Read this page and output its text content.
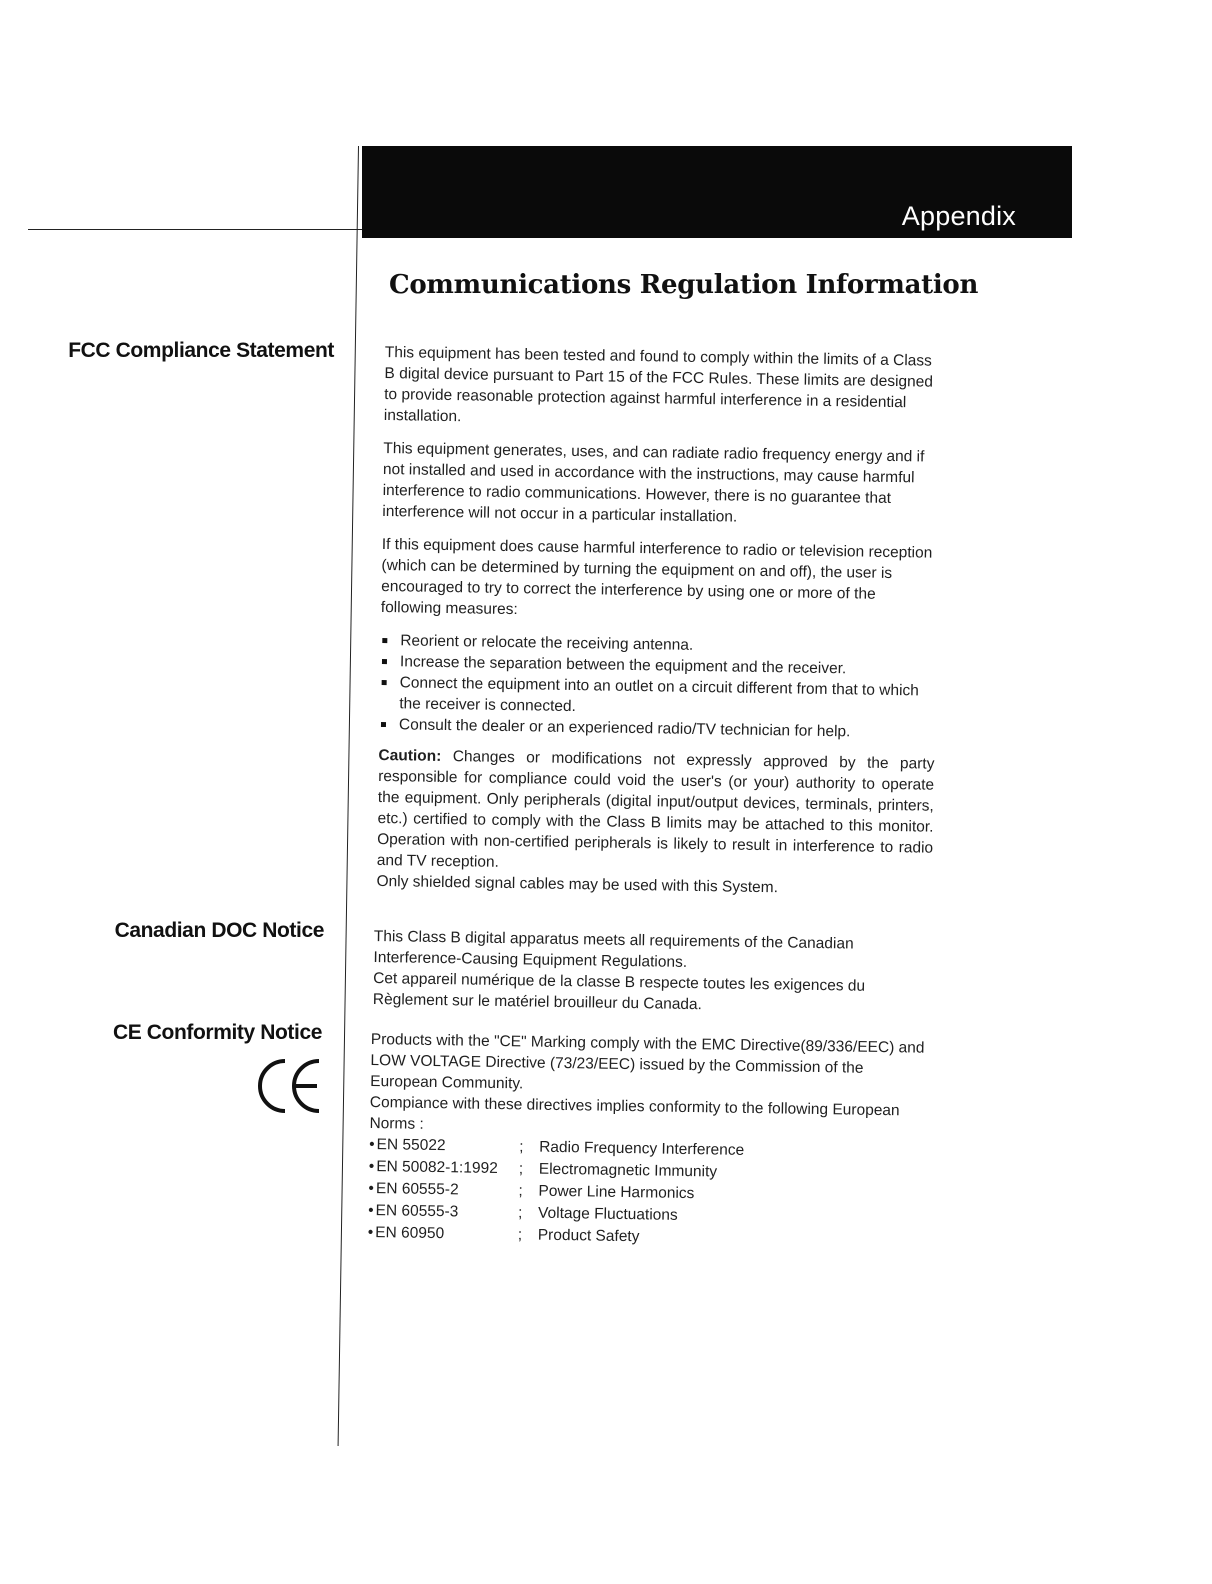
Appendix
Communications Regulation Information
FCC Compliance Statement
Canadian DOC Notice
CE Conformity Notice

This equipment has been tested and found to comply within the limits of a Class B digital device pursuant to Part 15 of the FCC Rules. These limits are designed to provide reasonable protection against harmful interference in a residential installation.

This equipment generates, uses, and can radiate radio frequency energy and if not installed and used in accordance with the instructions, may cause harmful interference to radio communications. However, there is no guarantee that interference will not occur in a particular installation.

If this equipment does cause harmful interference to radio or television reception (which can be determined by turning the equipment on and off), the user is encouraged to try to correct the interference by using one or more of the following measures:

Reorient or relocate the receiving antenna.
Increase the separation between the equipment and the receiver.
Connect the equipment into an outlet on a circuit different from that to which the receiver is connected.
Consult the dealer or an experienced radio/TV technician for help.

Caution: Changes or modifications not expressly approved by the party responsible for compliance could void the user's (or your) authority to operate the equipment. Only peripherals (digital input/output devices, terminals, printers, etc.) certified to comply with the Class B limits may be attached to this monitor. Operation with non-certified peripherals is likely to result in interference to radio and TV reception.

Only shielded signal cables may be used with this System.

This Class B digital apparatus meets all requirements of the Canadian Interference-Causing Equipment Regulations.

Cet appareil numérique de la classe B respecte toutes les exigences du Règlement sur le matériel brouilleur du Canada.

Products with the "CE" Marking comply with the EMC Directive(89/336/EEC) and LOW VOLTAGE Directive (73/23/EEC) issued by the Commission of the European Community.

Compiance with these directives implies conformity to the following European Norms :

• EN 55022	; Radio Frequency Interference
• EN 50082-1:1992	; Electromagnetic Immunity
• EN 60555-2	; Power Line Harmonics
• EN 60555-3	; Voltage Fluctuations
• EN 60950	; Product Safety
